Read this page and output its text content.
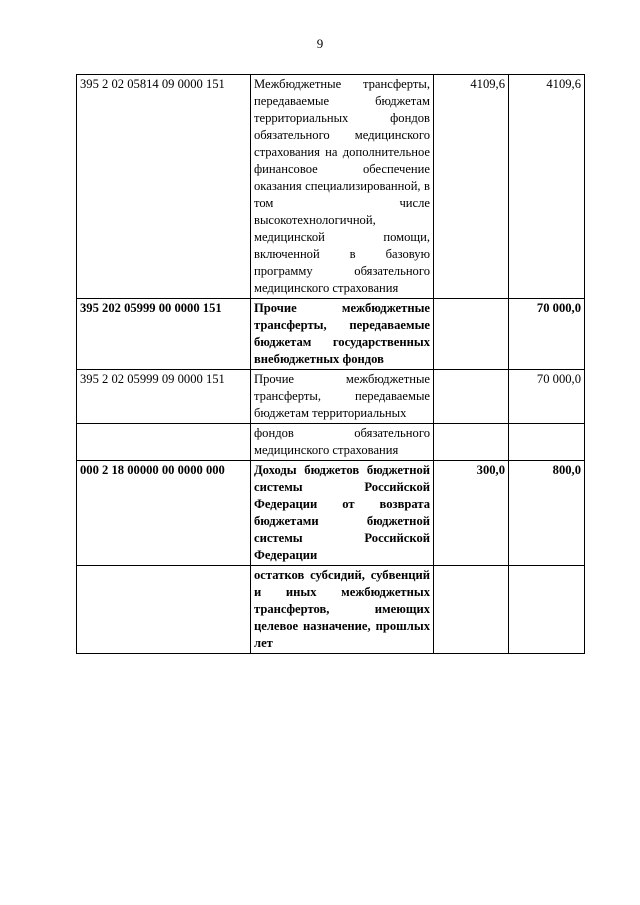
9
395 2 02 05814 09 0000 151	Межбюджетные трансферты, передаваемые бюджетам территориальных фондов обязательного медицинского страхования на дополнительное финансовое обеспечение оказания специализированной, в том числе высокотехнологичной, медицинской помощи, включенной в базовую программу обязательного медицинского страхования	4109,6	4109,6
395 202 05999 00 0000 151	Прочие межбюджетные трансферты, передаваемые бюджетам государственных внебюджетных фондов		70 000,0
395 2 02 05999 09 0000 151	Прочие межбюджетные трансферты, передаваемые бюджетам территориальных		70 000,0
	фондов обязательного медицинского страхования		
000 2 18 00000 00 0000 000	Доходы бюджетов бюджетной системы Российской Федерации от возврата бюджетами бюджетной системы Российской Федерации	300,0	800,0
	остатков субсидий, субвенций и иных межбюджетных трансфертов, имеющих целевое назначение, прошлых лет		
